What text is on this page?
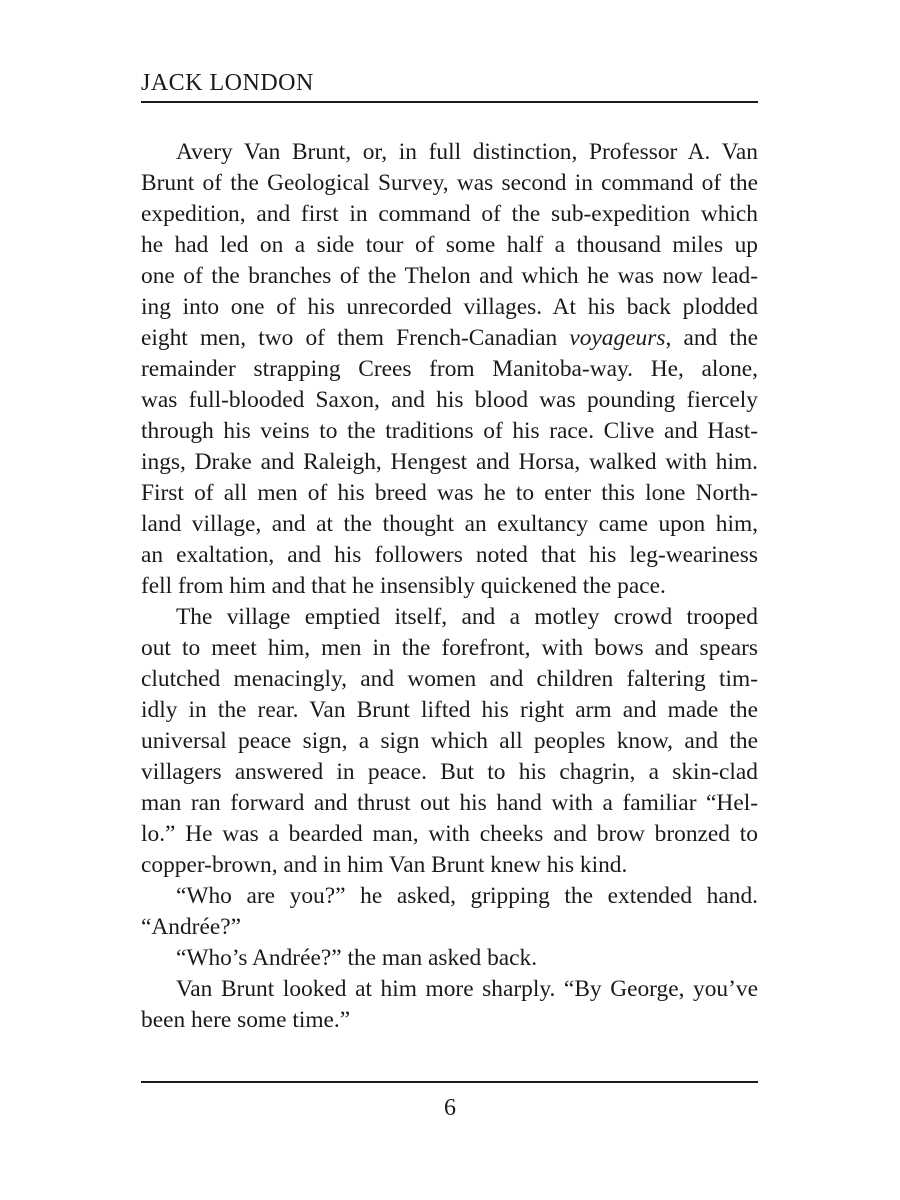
JACK LONDON
Avery Van Brunt, or, in full distinction, Professor A. Van
Brunt of the Geological Survey, was second in command of the
expedition, and first in command of the sub-expedition which
he had led on a side tour of some half a thousand miles up
one of the branches of the Thelon and which he was now lead-
ing into one of his unrecorded villages. At his back plodded
eight men, two of them French-Canadian voyageurs, and the
remainder strapping Crees from Manitoba-way. He, alone,
was full-blooded Saxon, and his blood was pounding fiercely
through his veins to the traditions of his race. Clive and Hast-
ings, Drake and Raleigh, Hengest and Horsa, walked with him.
First of all men of his breed was he to enter this lone North-
land village, and at the thought an exultancy came upon him,
an exaltation, and his followers noted that his leg-weariness
fell from him and that he insensibly quickened the pace.
The village emptied itself, and a motley crowd trooped
out to meet him, men in the forefront, with bows and spears
clutched menacingly, and women and children faltering tim-
idly in the rear. Van Brunt lifted his right arm and made the
universal peace sign, a sign which all peoples know, and the
villagers answered in peace. But to his chagrin, a skin-clad
man ran forward and thrust out his hand with a familiar “Hel-
lo.” He was a bearded man, with cheeks and brow bronzed to
copper-brown, and in him Van Brunt knew his kind.
“Who are you?” he asked, gripping the extended hand.
“Andrée?”
“Who’s Andrée?” the man asked back.
Van Brunt looked at him more sharply. “By George, you’ve
been here some time.”
6
